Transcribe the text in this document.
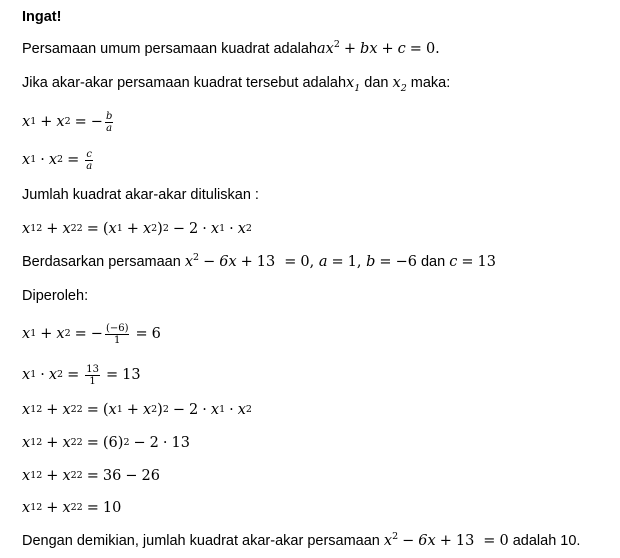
Ingat!
Persamaan umum persamaan kuadrat adalah $ax^2$ + bx + c = 0.
Jika akar-akar persamaan kuadrat tersebut adalah $x_1$ dan $x_2$ maka:
x 1 + x 2 = − $\frac{b}{a}$
x 1 · x $2 = \frac{c}{a}$
Jumlah kuadrat akar-akar dituliskan :
x 1 2 + x 2 2 = ( x 1 + x 2 ) 2 − 2 · x 1 · x 2
Berdasarkan persamaan $x^2 - 6x + 13 = 0$, a = 1, b = −6 dan c = 13
Diperoleh:
x 1 + x 2 = − $\frac{(-6)}{1} = 6$
x 1 · x $2 = \frac{13}{1} = 13$
x 1 2 + x 2 2 = ( x 1 + x 2 ) 2 − 2 · x 1 · x 2
x 1 2 + x 2 2 = ( 6 ) 2 − 2 · 13
x 1 2 + x 2 2 = 36 − 26
x 1 2 + x 2 2 = 10
Dengan demikian, jumlah kuadrat akar-akar persamaan $x^2 - 6x + 13 = 0$ adalah 10.
